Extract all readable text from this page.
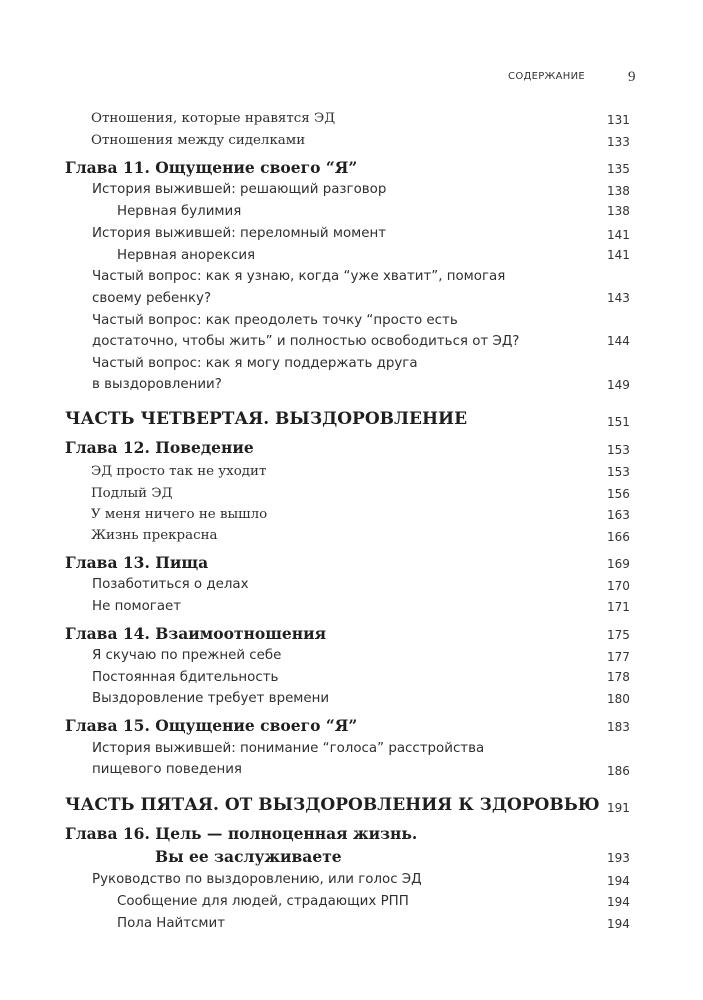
СОДЕРЖАНИЕ	9
Отношения, которые нравятся ЭД	131
Отношения между сиделками	133
Глава 11. Ощущение своего “Я”	135
История выжившей: решающий разговор	138
Нервная булимия	138
История выжившей: переломный момент	141
Нервная анорексия	141
Частый вопрос: как я узнаю, когда “уже хватит”, помогая
своему ребенку?	143
Частый вопрос: как преодолеть точку “просто есть
достаточно, чтобы жить” и полностью освободиться от ЭД?	144
Частый вопрос: как я могу поддержать друга
в выздоровлении?	149
ЧАСТЬ ЧЕТВЕРТАЯ. ВЫЗДОРОВЛЕНИЕ	151
Глава 12. Поведение	153
ЭД просто так не уходит	153
Подлый ЭД	156
У меня ничего не вышло	163
Жизнь прекрасна	166
Глава 13. Пища	169
Позаботиться о делах	170
Не помогает	171
Глава 14. Взаимоотношения	175
Я скучаю по прежней себе	177
Постоянная бдительность	178
Выздоровление требует времени	180
Глава 15. Ощущение своего “Я”	183
История выжившей: понимание “голоса” расстройства
пищевого поведения	186
ЧАСТЬ ПЯТАЯ. ОТ ВЫЗДОРОВЛЕНИЯ К ЗДОРОВЬЮ 191
Глава 16. Цель — полноценная жизнь.
Вы ее заслуживаете	193
Руководство по выздоровлению, или голос ЭД	194
Сообщение для людей, страдающих РПП	194
Пола Найтсмит	194
